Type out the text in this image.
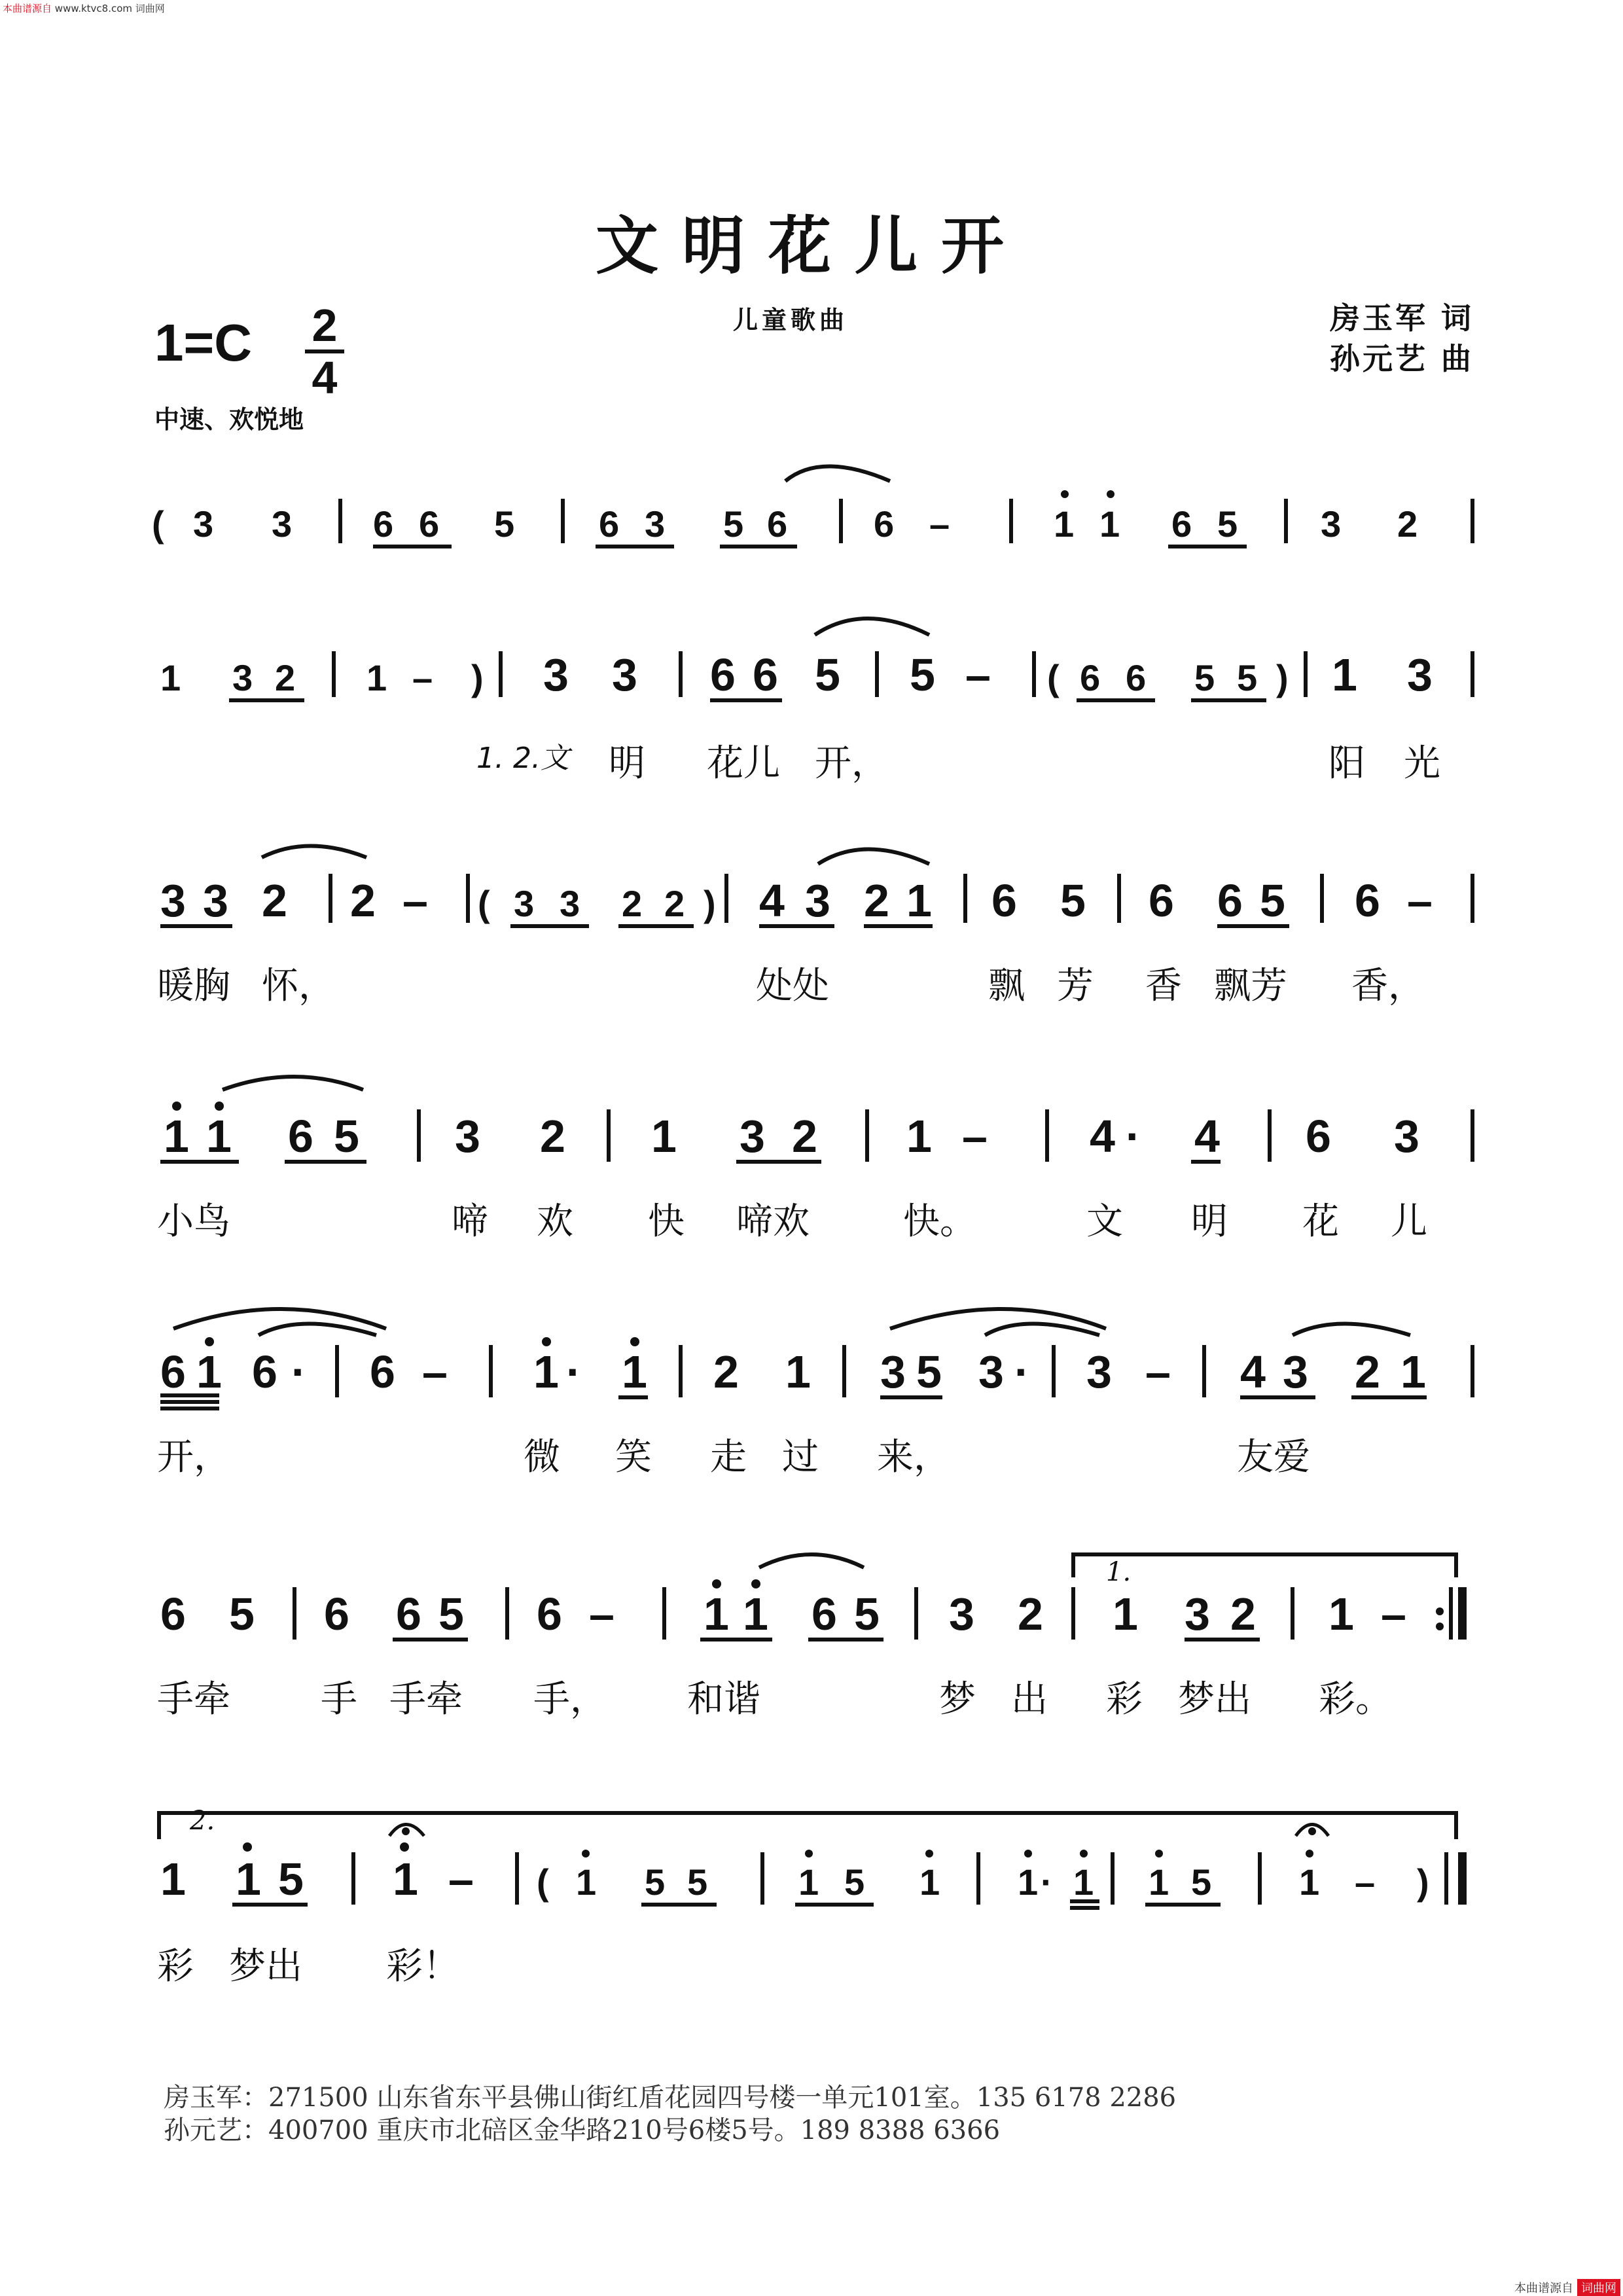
本曲谱源自 www.ktvc8.com 词曲网
文明花儿开
儿童歌曲
1=C 2
4
房玉军 词
孙元艺 曲
中速、欢悦地
( 3 3 6 6 5 6 3 5 6 6 –	1 1 6 5 3 2
1 3 2 1 – ) 3 3 6 6 5 5 –	1 3
( 6 6 5 5 )
3 3 2 2 –	4 3 2 1 6 5 6 6 5 6 –
( 3 3 2 2 )
1 1 6 5 3 2 1 3 2 1 – 4 · 4 6 3
6 1 6 · 6 – 1 · 1 2 1 3 5 3 · 3 – 4 3 2 1
6 5 6 6 5 6 – 1 1 6 5 3 2 1 3 2 1 –
1.
2.
1 1 5 1 – ( 1 5 5 1 5 1 1 · 1 1 5 1 – )
1. 2.文 明 花儿 开，	阳 光
暖胸 怀，	处处	飘 芳 香 飘芳 香，
小鸟	啼 欢 快 啼欢	快。	文 明 花 儿
开，	微 笑 走 过 来，	友爱
手牵 手 手牵 手， 和谐	梦 出 彩 梦出 彩。
彩 梦出 彩！
房玉军：271500 山东省东平县佛山街红盾花园四号楼一单元101室。135 6178 2286
孙元艺：400700 重庆市北碚区金华路210号6楼5号。189 8388 6366
本曲谱源自 词曲网
